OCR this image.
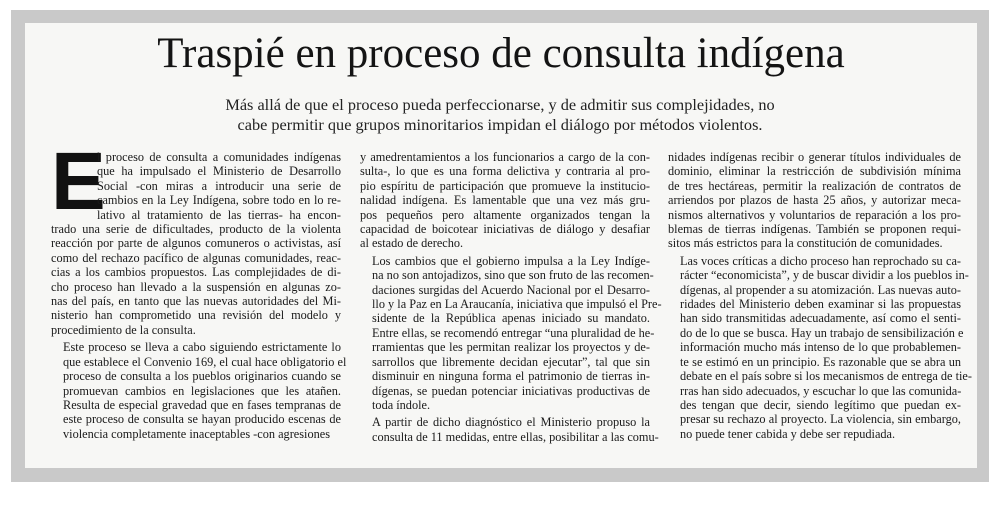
Traspié en proceso de consulta indígena
Más allá de que el proceso pueda perfeccionarse, y de admitir sus complejidades, no
cabe permitir que grupos minoritarios impidan el diálogo por métodos violentos.

E
l proceso de consulta a comunidades indígenas
que ha impulsado el Ministerio de Desarrollo
Social -con miras a introducir una serie de
cambios en la Ley Indígena, sobre todo en lo re-
lativo al tratamiento de las tierras- ha encon-
trado una serie de dificultades, producto de la violenta
reacción por parte de algunos comuneros o activistas, así
como del rechazo pacífico de algunas comunidades, reac-
cias a los cambios propuestos. Las complejidades de di-
cho proceso han llevado a la suspensión en algunas zo-
nas del país, en tanto que las nuevas autoridades del Mi-
nisterio han comprometido una revisión del modelo y
procedimiento de la consulta.

Este proceso se lleva a cabo siguiendo estrictamente lo
que establece el Convenio 169, el cual hace obligatorio el
proceso de consulta a los pueblos originarios cuando se
promuevan cambios en legislaciones que les atañen.
Resulta de especial gravedad que en fases tempranas de
este proceso de consulta se hayan producido escenas de
violencia completamente inaceptables -con agresiones

y amedrentamientos a los funcionarios a cargo de la con-
sulta-, lo que es una forma delictiva y contraria al pro-
pio espíritu de participación que promueve la institucio-
nalidad indígena. Es lamentable que una vez más gru-
pos pequeños pero altamente organizados tengan la
capacidad de boicotear iniciativas de diálogo y desafiar
al estado de derecho.

Los cambios que el gobierno impulsa a la Ley Indíge-
na no son antojadizos, sino que son fruto de las recomen-
daciones surgidas del Acuerdo Nacional por el Desarro-
llo y la Paz en La Araucanía, iniciativa que impulsó el Pre-
sidente de la República apenas iniciado su mandato.
Entre ellas, se recomendó entregar “una pluralidad de he-
rramientas que les permitan realizar los proyectos y de-
sarrollos que libremente decidan ejecutar”, tal que sin
disminuir en ninguna forma el patrimonio de tierras in-
dígenas, se puedan potenciar iniciativas productivas de
toda índole.

A partir de dicho diagnóstico el Ministerio propuso la
consulta de 11 medidas, entre ellas, posibilitar a las comu-

nidades indígenas recibir o generar títulos individuales de
dominio, eliminar la restricción de subdivisión mínima
de tres hectáreas, permitir la realización de contratos de
arriendos por plazos de hasta 25 años, y autorizar meca-
nismos alternativos y voluntarios de reparación a los pro-
blemas de tierras indígenas. También se proponen requi-
sitos más estrictos para la constitución de comunidades.

Las voces críticas a dicho proceso han reprochado su ca-
rácter “economicista”, y de buscar dividir a los pueblos in-
dígenas, al propender a su atomización. Las nuevas auto-
ridades del Ministerio deben examinar si las propuestas
han sido transmitidas adecuadamente, así como el senti-
do de lo que se busca. Hay un trabajo de sensibilización e
información mucho más intenso de lo que probablemen-
te se estimó en un principio. Es razonable que se abra un
debate en el país sobre si los mecanismos de entrega de tie-
rras han sido adecuados, y escuchar lo que las comunida-
des tengan que decir, siendo legítimo que puedan ex-
presar su rechazo al proyecto. La violencia, sin embargo,
no puede tener cabida y debe ser repudiada.
